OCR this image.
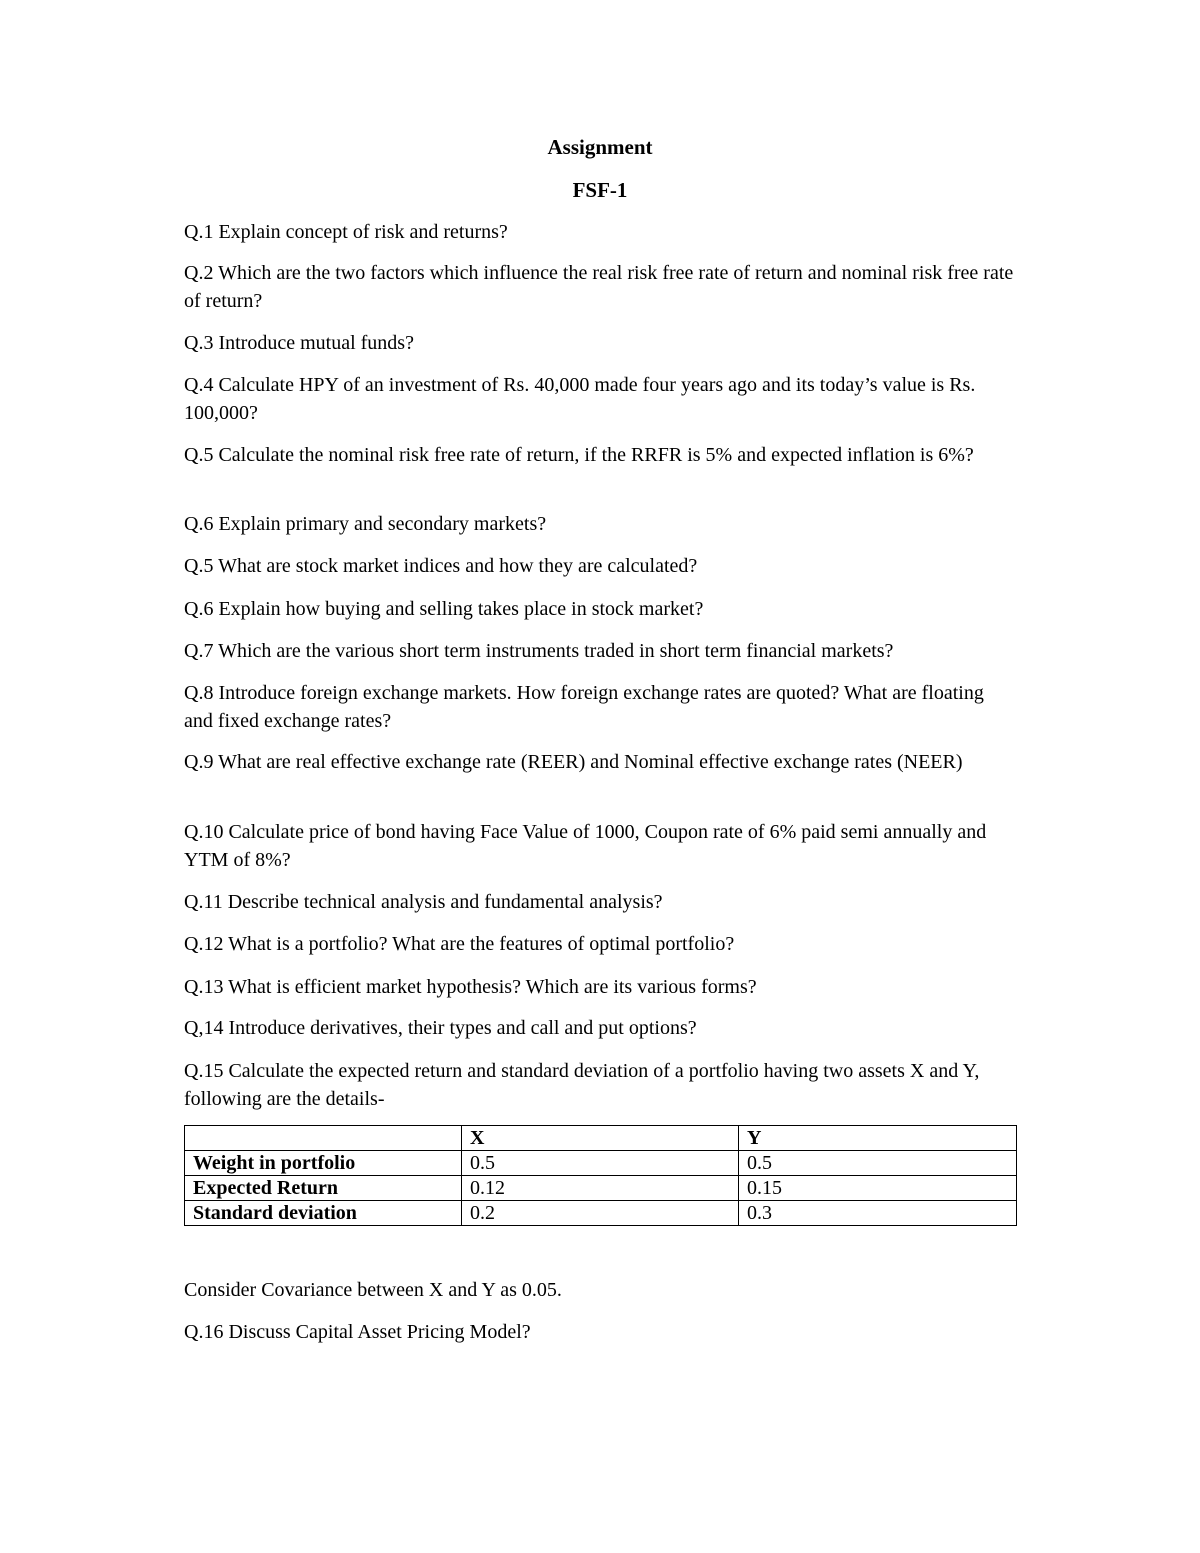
Assignment

FSF-1

Q.1 Explain concept of risk and returns?

Q.2 Which are the two factors which influence the real risk free rate of return and nominal risk free rate of return?

Q.3 Introduce mutual funds?

Q.4 Calculate HPY of an investment of Rs. 40,000 made four years ago and its today’s value is Rs. 100,000?

Q.5 Calculate the nominal risk free rate of return, if the RRFR is 5% and expected inflation is 6%?

Q.6 Explain primary and secondary markets?

Q.5 What are stock market indices and how they are calculated?

Q.6 Explain how buying and selling takes place in stock market?

Q.7 Which are the various short term instruments traded in short term financial markets?

Q.8 Introduce foreign exchange markets. How foreign exchange rates are quoted? What are floating and fixed exchange rates?

Q.9 What are real effective exchange rate (REER) and Nominal effective exchange rates (NEER)

Q.10 Calculate price of bond having Face Value of 1000, Coupon rate of 6% paid semi annually and YTM of 8%?

Q.11 Describe technical analysis and fundamental analysis?

Q.12 What is a portfolio? What are the features of optimal portfolio?

Q.13 What is efficient market hypothesis? Which are its various forms?

Q,14 Introduce derivatives, their types and call and put options?

Q.15 Calculate the expected return and standard deviation of a portfolio having two assets X and Y, following are the details-

	X	Y
Weight in portfolio	0.5	0.5
Expected Return	0.12	0.15
Standard deviation	0.2	0.3

Consider Covariance between X and Y as 0.05.

Q.16 Discuss Capital Asset Pricing Model?
